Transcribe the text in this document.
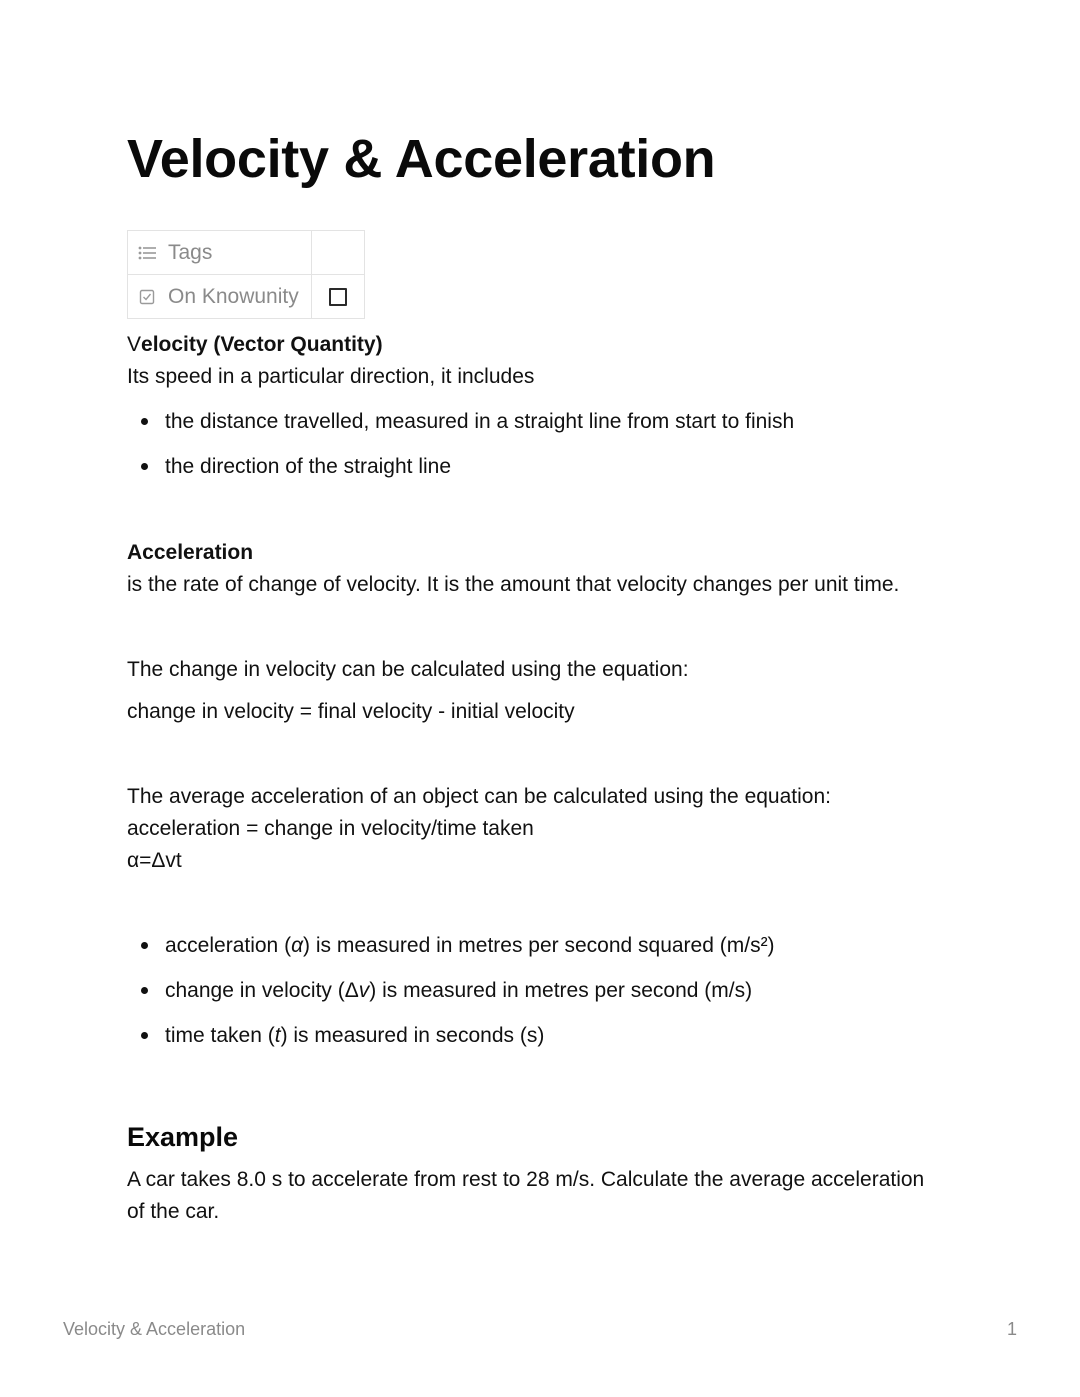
Velocity & Acceleration
Tags	

On Knowunity	

Velocity (Vector Quantity)

Its speed in a particular direction, it includes

the distance travelled, measured in a straight line from start to finish
the direction of the straight line

Acceleration

is the rate of change of velocity. It is the amount that velocity changes per unit time.

The change in velocity can be calculated using the equation:

change in velocity = final velocity - initial velocity

The average acceleration of an object can be calculated using the equation:

acceleration = change in velocity/time taken

α=Δvt

acceleration (α) is measured in metres per second squared (m/s²)
change in velocity (Δv) is measured in metres per second (m/s)
time taken (t) is measured in seconds (s)
Example

A car takes 8.0 s to accelerate from rest to 28 m/s. Calculate the average acceleration

of the car.

Velocity & Acceleration	1
